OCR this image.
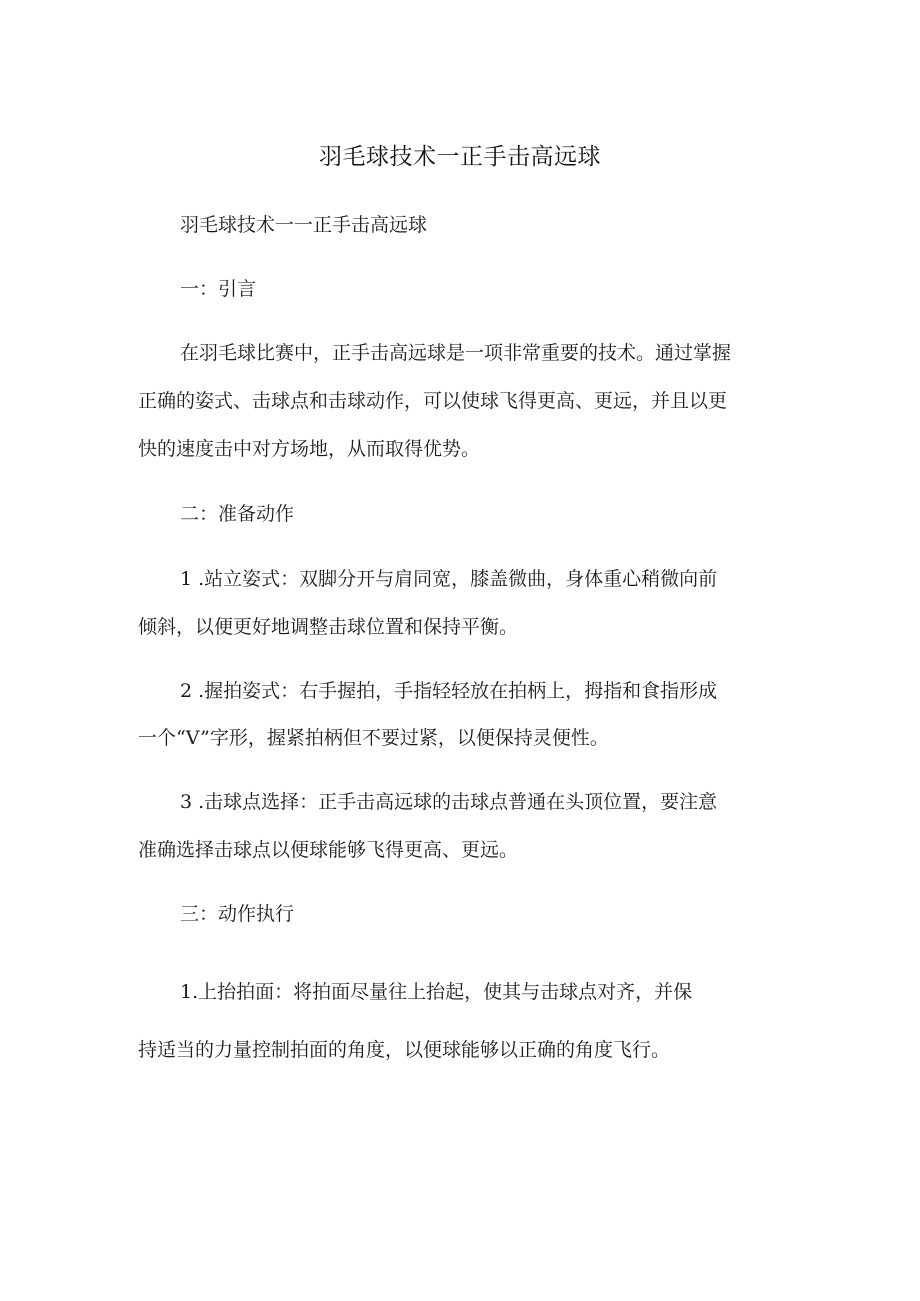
羽毛球技术一正手击高远球
羽毛球技术一一正手击高远球
一：引言
在羽毛球比赛中，正手击高远球是一项非常重要的技术。通过掌握
正确的姿式、击球点和击球动作，可以使球飞得更高、更远，并且以更
快的速度击中对方场地，从而取得优势。
二：准备动作
1 .站立姿式：双脚分开与肩同宽，膝盖微曲，身体重心稍微向前
倾斜，以便更好地调整击球位置和保持平衡。
2 .握拍姿式：右手握拍，手指轻轻放在拍柄上，拇指和食指形成
一个“V”字形，握紧拍柄但不要过紧，以便保持灵便性。
3 .击球点选择：正手击高远球的击球点普通在头顶位置，要注意
准确选择击球点以便球能够飞得更高、更远。
三：动作执行
1.上抬拍面：将拍面尽量往上抬起，使其与击球点对齐，并保
持适当的力量控制拍面的角度，以便球能够以正确的角度飞行。
